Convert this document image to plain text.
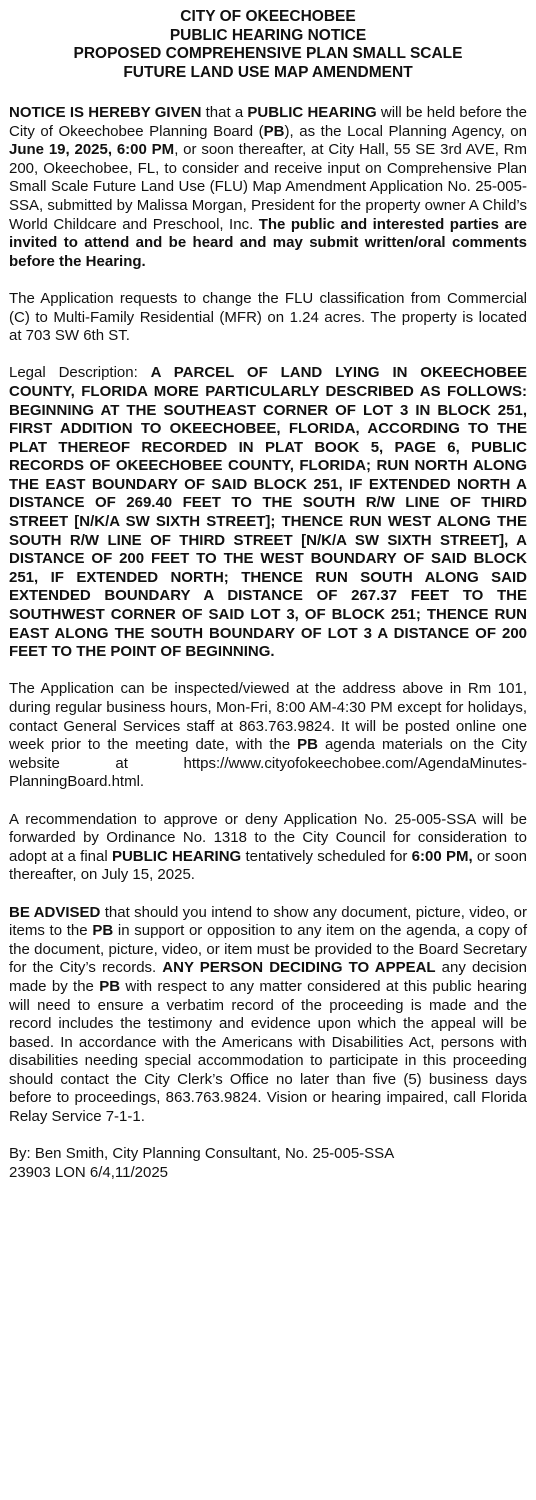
CITY OF OKEECHOBEE
PUBLIC HEARING NOTICE
PROPOSED COMPREHENSIVE PLAN SMALL SCALE
FUTURE LAND USE MAP AMENDMENT

NOTICE IS HEREBY GIVEN that a PUBLIC HEARING will be held before the City of Okeechobee Planning Board (PB), as the Local Planning Agency, on June 19, 2025, 6:00 PM, or soon thereafter, at City Hall, 55 SE 3rd AVE, Rm 200, Okeechobee, FL, to consider and receive input on Comprehensive Plan Small Scale Future Land Use (FLU) Map Amendment Application No. 25-005-SSA, submitted by Malissa Morgan, President for the property owner A Child’s World Childcare and Preschool, Inc. The public and interested parties are invited to attend and be heard and may submit written/oral comments before the Hearing.

The Application requests to change the FLU classification from Commercial (C) to Multi-Family Residential (MFR) on 1.24 acres. The property is located at 703 SW 6th ST.

Legal Description: A PARCEL OF LAND LYING IN OKEECHOBEE COUNTY, FLORIDA MORE PARTICULARLY DESCRIBED AS FOLLOWS: BEGINNING AT THE SOUTHEAST CORNER OF LOT 3 IN BLOCK 251, FIRST ADDITION TO OKEECHOBEE, FLORIDA, ACCORDING TO THE PLAT THEREOF RECORDED IN PLAT BOOK 5, PAGE 6, PUBLIC RECORDS OF OKEECHOBEE COUNTY, FLORIDA; RUN NORTH ALONG THE EAST BOUNDARY OF SAID BLOCK 251, IF EXTENDED NORTH A DISTANCE OF 269.40 FEET TO THE SOUTH R/W LINE OF THIRD STREET [N/K/A SW SIXTH STREET]; THENCE RUN WEST ALONG THE SOUTH R/W LINE OF THIRD STREET [N/K/A SW SIXTH STREET], A DISTANCE OF 200 FEET TO THE WEST BOUNDARY OF SAID BLOCK 251, IF EXTENDED NORTH; THENCE RUN SOUTH ALONG SAID EXTENDED BOUNDARY A DISTANCE OF 267.37 FEET TO THE SOUTHWEST CORNER OF SAID LOT 3, OF BLOCK 251; THENCE RUN EAST ALONG THE SOUTH BOUNDARY OF LOT 3 A DISTANCE OF 200 FEET TO THE POINT OF BEGINNING.

The Application can be inspected/viewed at the address above in Rm 101, during regular business hours, Mon-Fri, 8:00 AM-4:30 PM except for holidays, contact General Services staff at 863.763.9824. It will be posted online one week prior to the meeting date, with the PB agenda materials on the City website at https://www.cityofokeechobee.com/AgendaMinutes-PlanningBoard.html.

A recommendation to approve or deny Application No. 25-005-SSA will be forwarded by Ordinance No. 1318 to the City Council for consideration to adopt at a final PUBLIC HEARING tentatively scheduled for 6:00 PM, or soon thereafter, on July 15, 2025.

BE ADVISED that should you intend to show any document, picture, video, or items to the PB in support or opposition to any item on the agenda, a copy of the document, picture, video, or item must be provided to the Board Secretary for the City’s records. ANY PERSON DECIDING TO APPEAL any decision made by the PB with respect to any matter considered at this public hearing will need to ensure a verbatim record of the proceeding is made and the record includes the testimony and evidence upon which the appeal will be based. In accordance with the Americans with Disabilities Act, persons with disabilities needing special accommodation to participate in this proceeding should contact the City Clerk’s Office no later than five (5) business days before to proceedings, 863.763.9824. Vision or hearing impaired, call Florida Relay Service 7-1-1.

By: Ben Smith, City Planning Consultant, No. 25-005-SSA
23903 LON 6/4,11/2025
